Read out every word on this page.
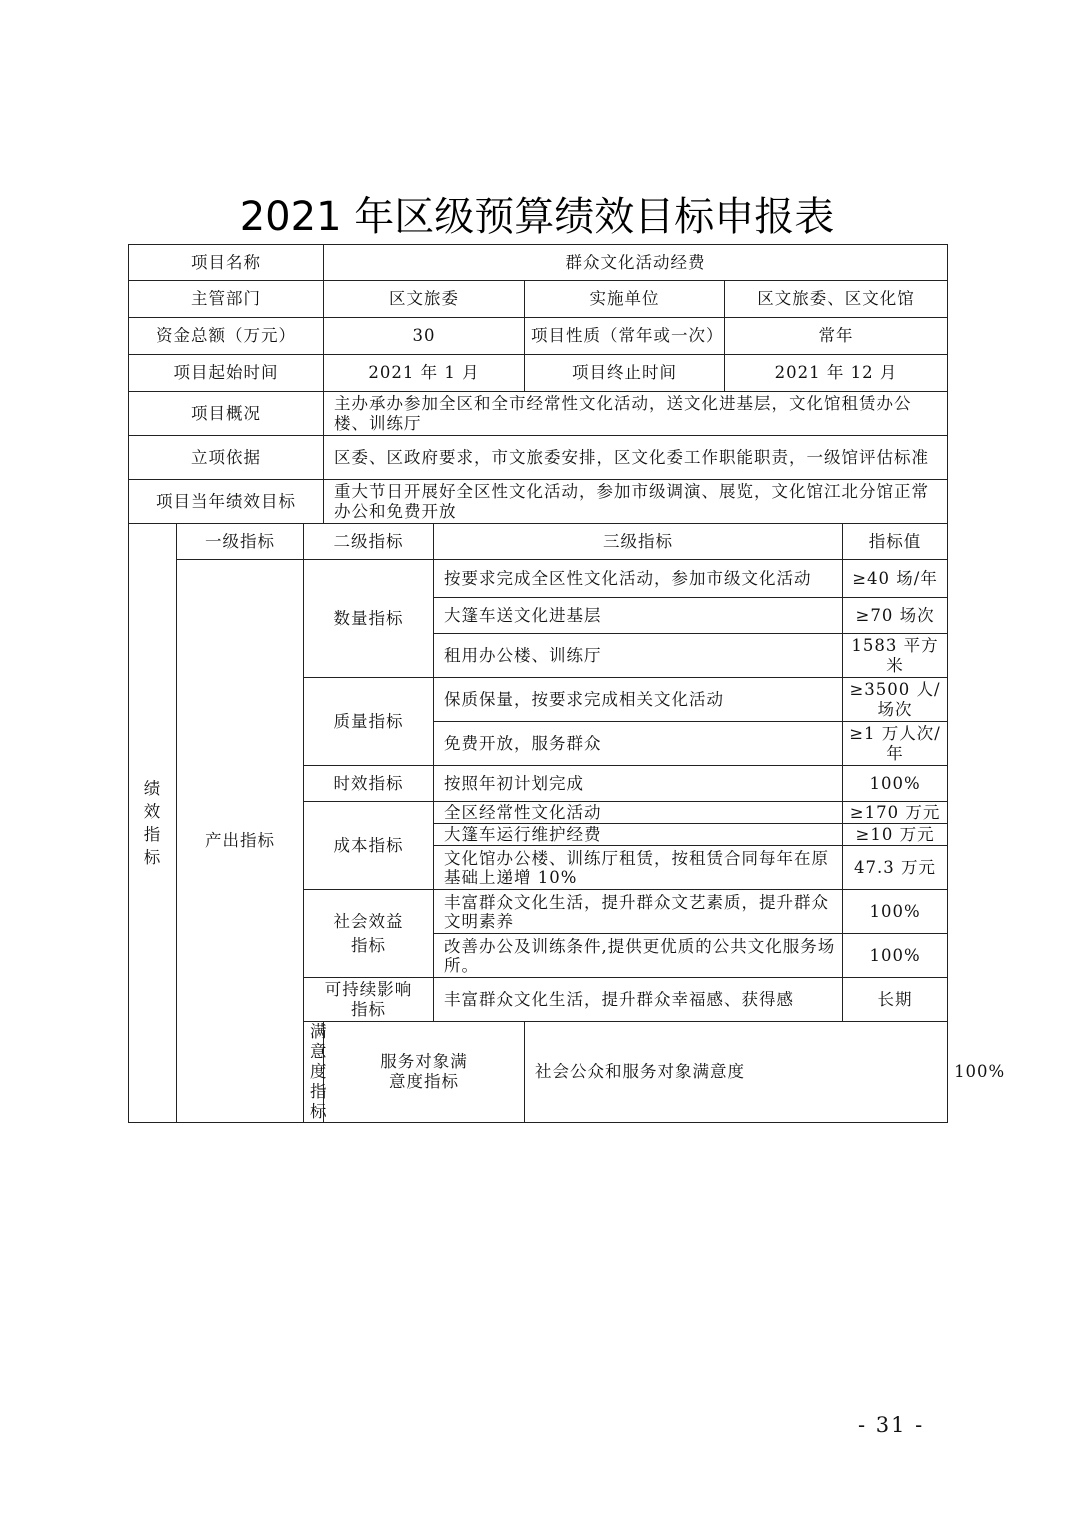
2021 年区级预算绩效目标申报表
项目名称			群众文化活动经费					
主管部门			区文旅委		实施单位	区文旅委、区文化馆		
资金总额（万元）			30		项目性质（常年或一次）	常年		
项目起始时间			2021 年 1 月		项目终止时间	2021 年 12 月		
项目概况			主办承办参加全区和全市经常性文化活动，送文化进基层，文化馆租赁办公楼、训练厅					
立项依据			区委、区政府要求，市文旅委安排，区文化委工作职能职责，一级馆评估标准					
项目当年绩效目标			重大节日开展好全区性文化活动，参加市级调演、展览，文化馆江北分馆正常办公和免费开放					

绩效指标	一级指标	二级指标		三级指标			指标值	
	产出指标	数量指标		按要求完成全区性文化活动，参加市级文化活动			≥40 场/年	
				大篷车送文化进基层			≥70 场次	
				租用办公楼、训练厅			1583 平方米	
		质量指标		保质保量，按要求完成相关文化活动			≥3500 人/场次	
				免费开放，服务群众			≥1 万人次/年	
		时效指标		按照年初计划完成			100%	
		成本指标		全区经常性文化活动			≥170 万元	
				大篷车运行维护经费			≥10 万元	
				文化馆办公楼、训练厅租赁，按租赁合同每年在原基础上递增 10%			47.3 万元	

		社会效益指标		丰富群众文化生活，提升群众文艺素质，提升群众文明素养			100%	
				改善办公及训练条件,提供更优质的公共文化服务场所。			100%	

		可持续影响指标		丰富群众文化生活，提升群众幸福感、获得感			长期	
		满意度指标	服务对象满意度指标		社会公众和服务对象满意度			100%
- 31 -
